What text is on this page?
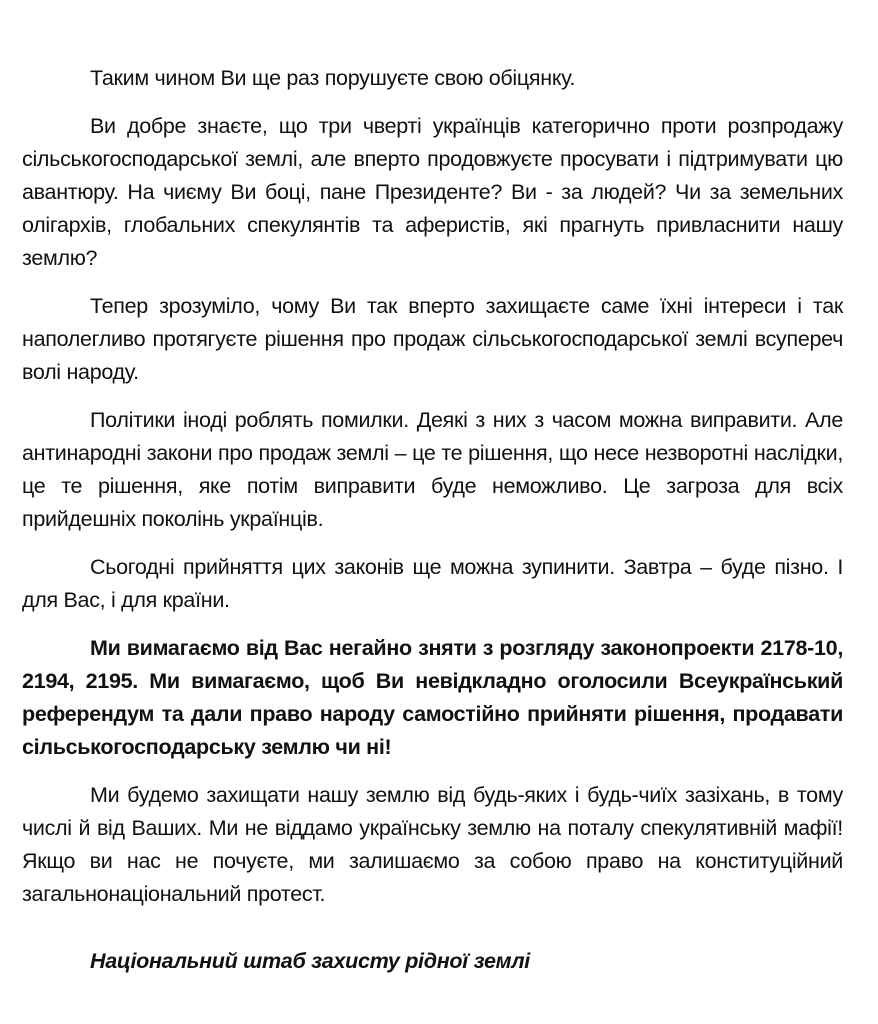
Таким чином Ви ще раз порушуєте свою обіцянку.

Ви добре знаєте, що три чверті українців категорично проти розпродажу сільськогосподарської землі, але вперто продовжуєте просувати і підтримувати цю авантюру. На чиєму Ви боці, пане Президенте? Ви - за людей? Чи за земельних олігархів, глобальних спекулянтів та аферистів, які прагнуть привласнити нашу землю?

Тепер зрозуміло, чому Ви так вперто захищаєте саме їхні інтереси і так наполегливо протягуєте рішення про продаж сільськогосподарської землі всупереч волі народу.

Політики іноді роблять помилки. Деякі з них з часом можна виправити. Але антинародні закони про продаж землі – це те рішення, що несе незворотні наслідки, це те рішення, яке потім виправити буде неможливо. Це загроза для всіх прийдешніх поколінь українців.

Сьогодні прийняття цих законів ще можна зупинити. Завтра – буде пізно. І для Вас, і для країни.

Ми вимагаємо від Вас негайно зняти з розгляду законопроекти 2178-10, 2194, 2195. Ми вимагаємо, щоб Ви невідкладно оголосили Всеукраїнський референдум та дали право народу самостійно прийняти рішення, продавати сільськогосподарську землю чи ні!

Ми будемо захищати нашу землю від будь-яких і будь-чиїх зазіхань, в тому числі й від Ваших. Ми не віддамо українську землю на поталу спекулятивній мафії! Якщо ви нас не почуєте, ми залишаємо за собою право на конституційний загальнонаціональний протест.

Національний штаб захисту рідної землі
